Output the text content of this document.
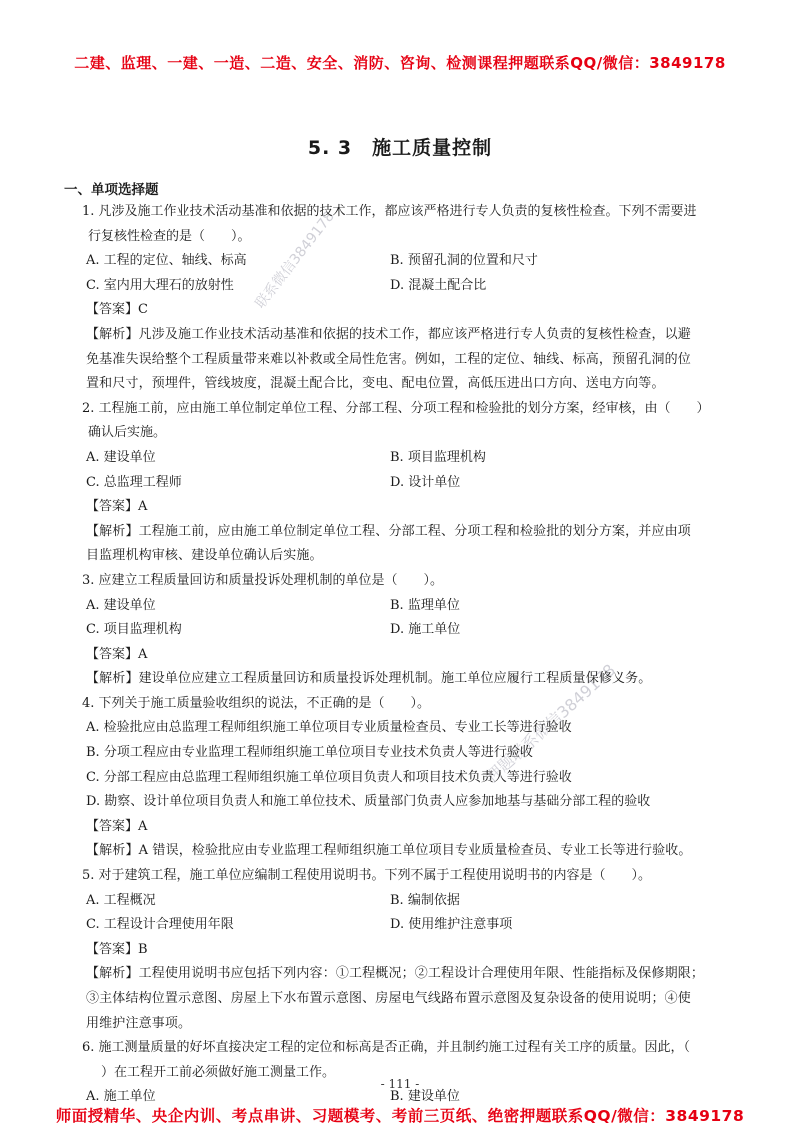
二建、监理、一建、一造、二造、安全、消防、咨询、检测课程押题联系QQ/微信：3849178
联系微信3849178
押题联系微信3849178
5. 3　施工质量控制
一、单项选择题
1. 凡涉及施工作业技术活动基准和依据的技术工作，都应该严格进行专人负责的复核性检查。下列不需要进
行复核性检查的是（　　）。
A. 工程的定位、轴线、标高	B. 预留孔洞的位置和尺寸
C. 室内用大理石的放射性	D. 混凝土配合比
【答案】C
【解析】凡涉及施工作业技术活动基准和依据的技术工作，都应该严格进行专人负责的复核性检查，以避
免基准失误给整个工程质量带来难以补救或全局性危害。例如，工程的定位、轴线、标高，预留孔洞的位
置和尺寸，预埋件，管线坡度，混凝土配合比，变电、配电位置，高低压进出口方向、送电方向等。
2. 工程施工前，应由施工单位制定单位工程、分部工程、分项工程和检验批的划分方案，经审核，由（　　）
确认后实施。
A. 建设单位	B. 项目监理机构
C. 总监理工程师	D. 设计单位
【答案】A
【解析】工程施工前，应由施工单位制定单位工程、分部工程、分项工程和检验批的划分方案，并应由项
目监理机构审核、建设单位确认后实施。
3. 应建立工程质量回访和质量投诉处理机制的单位是（　　）。
A. 建设单位	B. 监理单位
C. 项目监理机构	D. 施工单位
【答案】A
【解析】建设单位应建立工程质量回访和质量投诉处理机制。施工单位应履行工程质量保修义务。
4. 下列关于施工质量验收组织的说法，不正确的是（　　）。
A. 检验批应由总监理工程师组织施工单位项目专业质量检查员、专业工长等进行验收
B. 分项工程应由专业监理工程师组织施工单位项目专业技术负责人等进行验收
C. 分部工程应由总监理工程师组织施工单位项目负责人和项目技术负责人等进行验收
D. 勘察、设计单位项目负责人和施工单位技术、质量部门负责人应参加地基与基础分部工程的验收
【答案】A
【解析】A 错误，检验批应由专业监理工程师组织施工单位项目专业质量检查员、专业工长等进行验收。
5. 对于建筑工程，施工单位应编制工程使用说明书。下列不属于工程使用说明书的内容是（　　）。
A. 工程概况	B. 编制依据
C. 工程设计合理使用年限	D. 使用维护注意事项
【答案】B
【解析】工程使用说明书应包括下列内容：①工程概况；②工程设计合理使用年限、性能指标及保修期限；
③主体结构位置示意图、房屋上下水布置示意图、房屋电气线路布置示意图及复杂设备的使用说明；④使
用维护注意事项。
6. 施工测量质量的好坏直接决定工程的定位和标高是否正确，并且制约施工过程有关工序的质量。因此，（
　）在工程开工前必须做好施工测量工作。
A. 施工单位	B. 建设单位
- 111 -
师面授精华、央企内训、考点串讲、习题模考、考前三页纸、绝密押题联系QQ/微信：3849178
